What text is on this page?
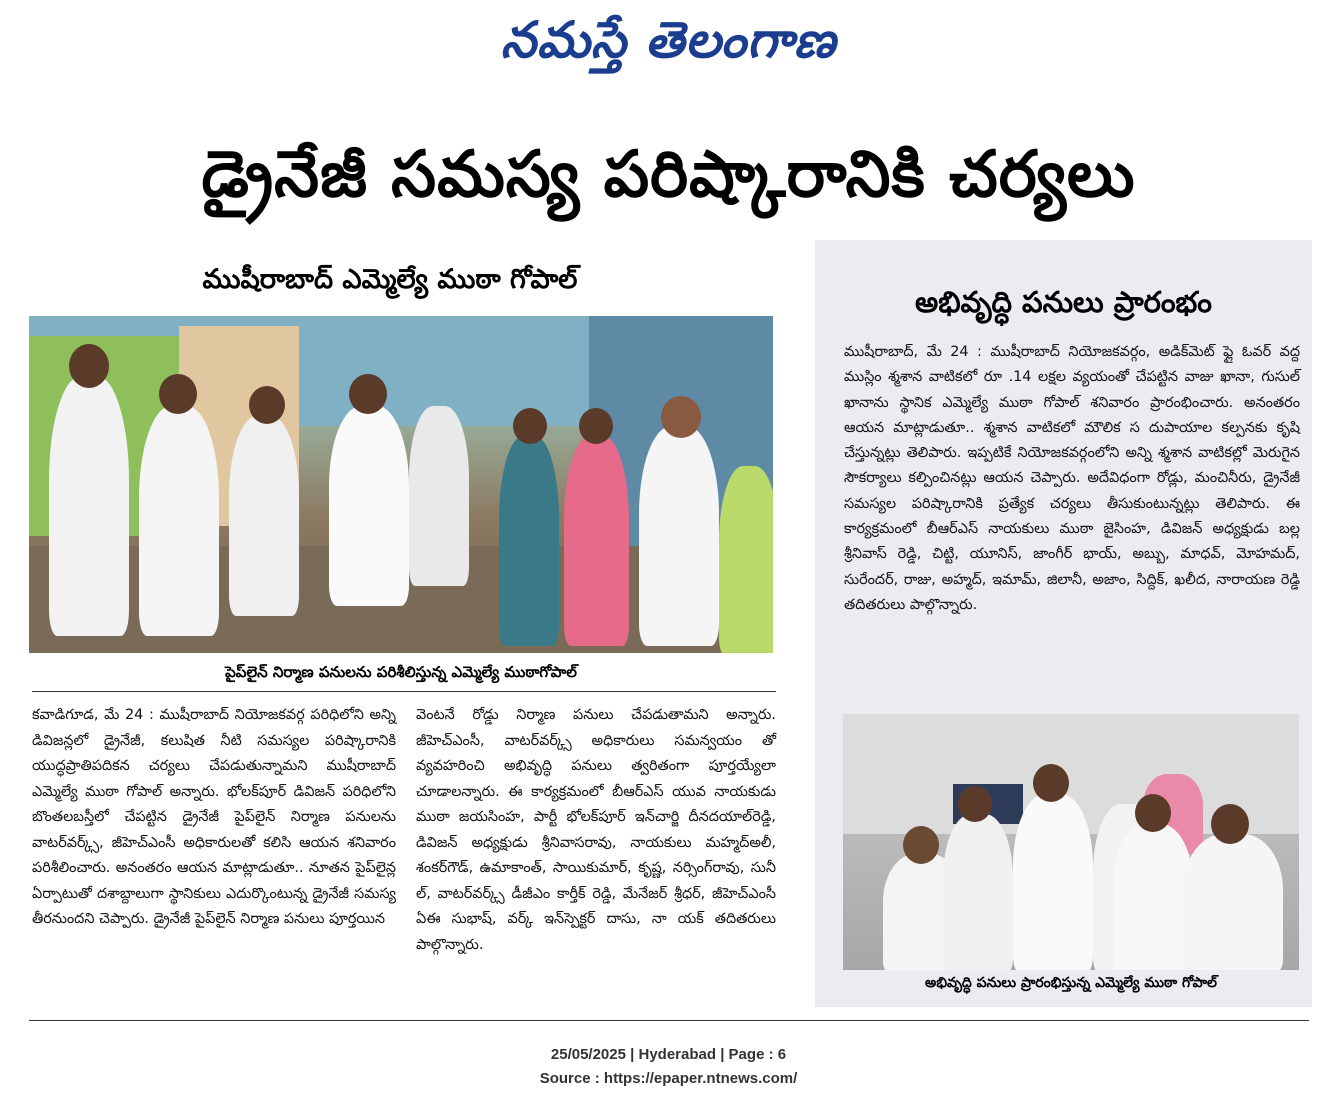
నమస్తే తెలంగాణ
డ్రైనేజీ సమస్య పరిష్కారానికి చర్యలు
ముషీరాబాద్ ఎమ్మెల్యే ముఠా గోపాల్
పైప్‌లైన్ నిర్మాణ పనులను పరిశీలిస్తున్న ఎమ్మెల్యే ముఠాగోపాల్
కవాడిగూడ, మే 24 : ముషీరాబాద్ నియోజకవర్గ పరిధిలోని అన్ని డివిజన్లలో డ్రైనేజీ, కలుషిత నీటి సమస్యల పరిష్కారానికి యుద్ధప్రాతిపదికన చర్యలు చేపడుతున్నామని ముషీరాబాద్ ఎమ్మెల్యే ముఠా గోపాల్ అన్నారు. భోలక్‌పూర్ డివిజన్ పరిధిలోని బొంతలబస్తీలో చేపట్టిన డ్రైనేజీ పైప్‌లైన్ నిర్మాణ పనులను వాటర్‌వర్క్స్, జీహెచ్‌ఎంసీ అధికారులతో కలిసి ఆయన శనివారం పరిశీలించారు. అనంతరం ఆయన మాట్లాడుతూ.. నూతన పైప్‌లైన్ల ఏర్పాటుతో దశాబ్దాలుగా స్థానికులు ఎదుర్కొంటున్న డ్రైనేజీ సమస్య తీరనుందని చెప్పారు. డ్రైనేజీ పైప్‌లైన్ నిర్మాణ పనులు పూర్తయిన
వెంటనే రోడ్డు నిర్మాణ పనులు చేపడుతామని అన్నారు. జీహెచ్‌ఎంసీ, వాటర్‌వర్క్స్ అధికారులు సమన్వయం తో వ్యవహరించి అభివృద్ధి పనులు త్వరితంగా పూర్తయ్యేలా చూడాలన్నారు. ఈ కార్యక్రమంలో బీఆర్‌ఎస్ యువ నాయకుడు ముఠా జయసింహ, పార్టీ భోలక్‌పూర్ ఇన్‌చార్జి దీనదయాల్‌రెడ్డి, డివిజన్ అధ్యక్షుడు శ్రీనివాసరావు, నాయకులు మహ్మద్‌అలీ, శంకర్‌గౌడ్, ఉమాకాంత్, సాయికుమార్, కృష్ణ, నర్సింగ్‌రావు, సునీ ల్, వాటర్‌వర్క్స్ డీజీఎం కార్తీక్ రెడ్డి, మేనేజర్ శ్రీధర్, జీహెచ్‌ఎంసీ ఏఈ సుభాష్, వర్క్ ఇన్‌స్పెక్టర్ దాసు, నా యక్ తదితరులు పాల్గొన్నారు.
అభివృద్ధి పనులు ప్రారంభం
ముషీరాబాద్, మే 24 : ముషీరాబాద్ నియోజకవర్గం, అడిక్‌మెట్ ఫ్లై ఓవర్ వద్ద ముస్లిం శ్మశాన వాటికలో రూ .14 లక్షల వ్యయంతో చేపట్టిన వాజు ఖానా, గుసుల్ ఖానాను స్థానిక ఎమ్మెల్యే ముఠా గోపాల్ శనివారం ప్రారంభించారు. అనంతరం ఆయన మాట్లాడుతూ.. శ్మశాన వాటికలో మౌలిక స దుపాయాల కల్పనకు కృషి చేస్తున్నట్లు తెలిపారు. ఇప్పటికే నియోజకవర్గంలోని అన్ని శ్మశాన వాటికల్లో మెరుగైన సౌకర్యాలు కల్పించినట్లు ఆయన చెప్పారు. అదేవిధంగా రోడ్లు, మంచినీరు, డ్రైనేజీ సమస్యల పరిష్కారానికి ప్రత్యేక చర్యలు తీసుకుంటున్నట్లు తెలిపారు. ఈ కార్యక్రమంలో బీఆర్‌ఎస్ నాయకులు ముఠా జైసింహ, డివిజన్ అధ్యక్షుడు బల్ల శ్రీనివాస్ రెడ్డి, చిట్టి, యూనిస్, జాంగీర్ భాయ్, అబ్బు, మాధవ్, మోహమద్, సురేందర్, రాజు, అహ్మద్, ఇమామ్, జిలానీ, అజాం, సిద్దిక్, ఖలీద, నారాయణ రెడ్డి తదితరులు పాల్గొన్నారు.
అభివృద్ధి పనులు ప్రారంభిస్తున్న ఎమ్మెల్యే ముఠా గోపాల్
25/05/2025 | Hyderabad | Page : 6
Source : https://epaper.ntnews.com/
